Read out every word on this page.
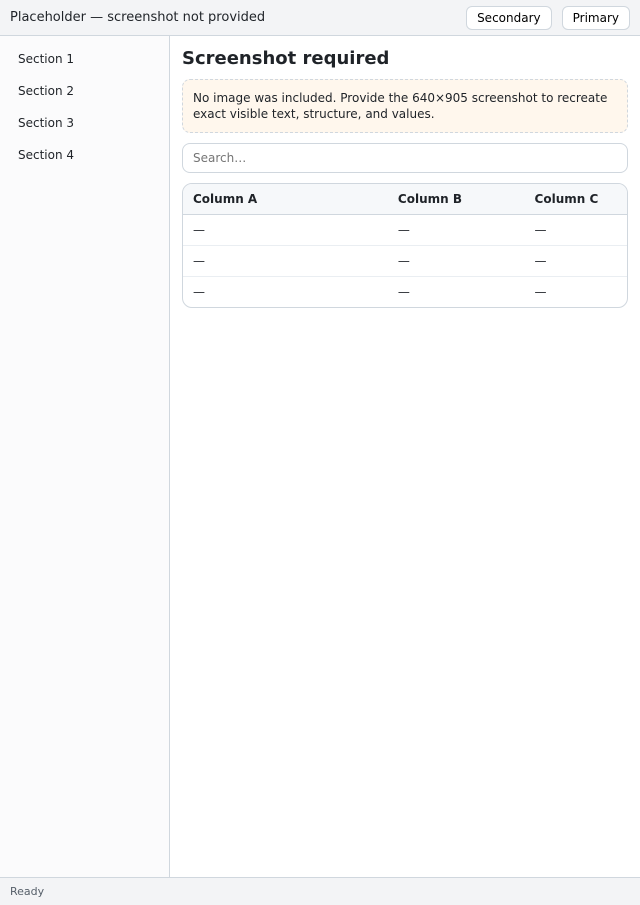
Placeholder — screenshot not provided	Secondary	Primary
Section 1
Section 2
Section 3
Section 4
Screenshot required
No image was included. Provide the 640×905 screenshot to recreate exact visible text, structure, and values.
Search…
Column A	Column B	Column C
—	—	—
—	—	—
—	—	—
Ready
